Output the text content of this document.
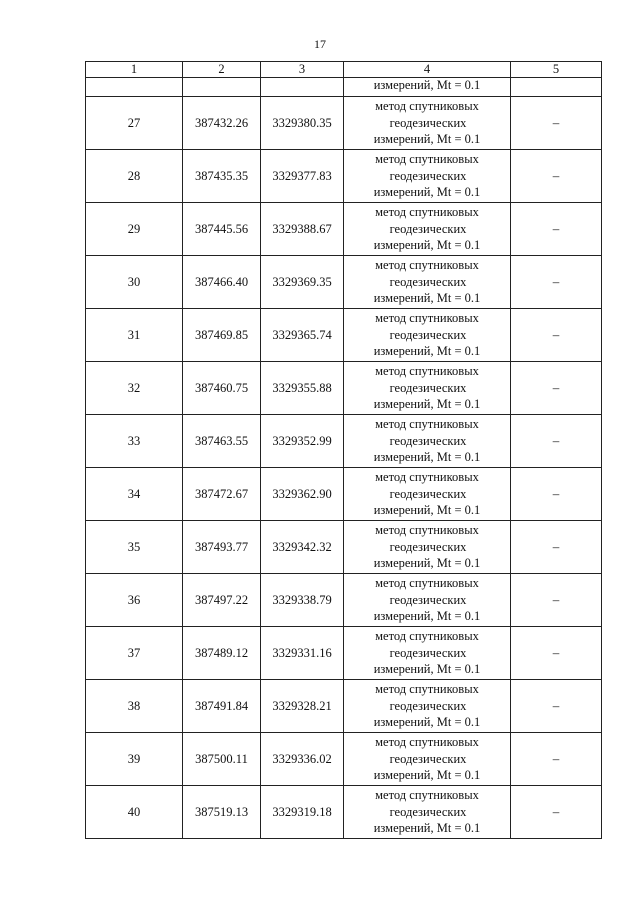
17
1	2	3	4	5
			измерений, Mt = 0.1	
27	387432.26	3329380.35	метод спутниковых
геодезических
измерений, Mt = 0.1	–
28	387435.35	3329377.83	метод спутниковых
геодезических
измерений, Mt = 0.1	–
29	387445.56	3329388.67	метод спутниковых
геодезических
измерений, Mt = 0.1	–
30	387466.40	3329369.35	метод спутниковых
геодезических
измерений, Mt = 0.1	–
31	387469.85	3329365.74	метод спутниковых
геодезических
измерений, Mt = 0.1	–
32	387460.75	3329355.88	метод спутниковых
геодезических
измерений, Mt = 0.1	–
33	387463.55	3329352.99	метод спутниковых
геодезических
измерений, Mt = 0.1	–
34	387472.67	3329362.90	метод спутниковых
геодезических
измерений, Mt = 0.1	–
35	387493.77	3329342.32	метод спутниковых
геодезических
измерений, Mt = 0.1	–
36	387497.22	3329338.79	метод спутниковых
геодезических
измерений, Mt = 0.1	–
37	387489.12	3329331.16	метод спутниковых
геодезических
измерений, Mt = 0.1	–
38	387491.84	3329328.21	метод спутниковых
геодезических
измерений, Mt = 0.1	–
39	387500.11	3329336.02	метод спутниковых
геодезических
измерений, Mt = 0.1	–
40	387519.13	3329319.18	метод спутниковых
геодезических
измерений, Mt = 0.1	–
